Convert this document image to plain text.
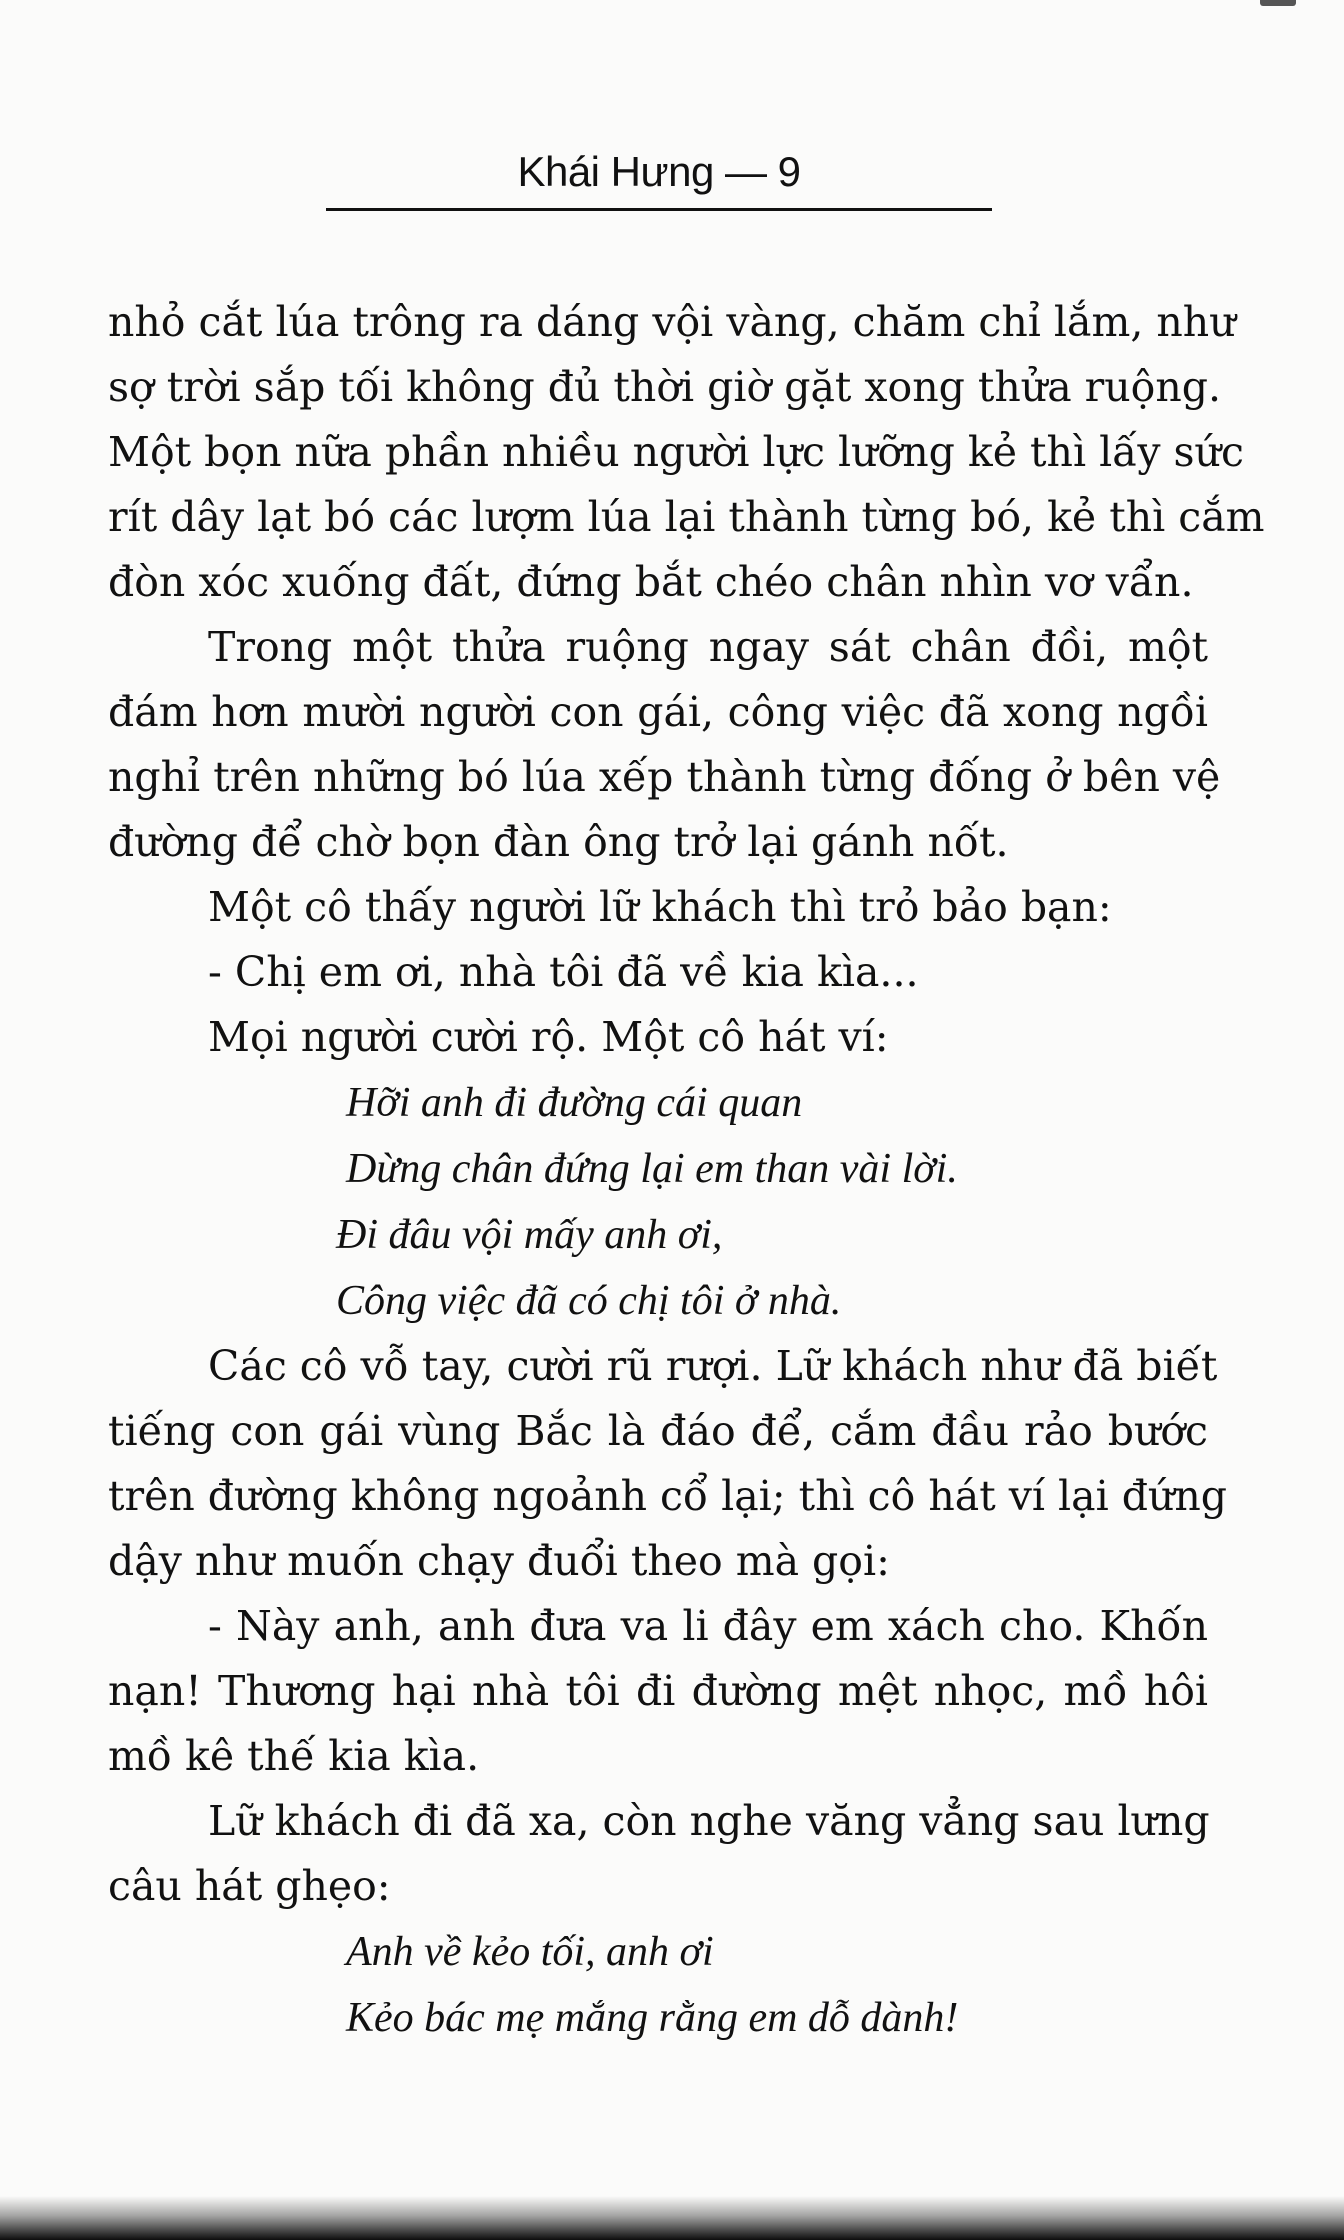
Khái Hưng — 9

nhỏ cắt lúa trông ra dáng vội vàng, chăm chỉ lắm, như

sợ trời sắp tối không đủ thời giờ gặt xong thửa ruộng.

Một bọn nữa phần nhiều người lực lưỡng kẻ thì lấy sức

rít dây lạt bó các lượm lúa lại thành từng bó, kẻ thì cắm

đòn xóc xuống đất, đứng bắt chéo chân nhìn vơ vẩn.

Trong một thửa ruộng ngay sát chân đồi, một

đám hơn mười người con gái, công việc đã xong ngồi

nghỉ trên những bó lúa xếp thành từng đống ở bên vệ

đường để chờ bọn đàn ông trở lại gánh nốt.

Một cô thấy người lữ khách thì trỏ bảo bạn:

- Chị em ơi, nhà tôi đã về kia kìa...

Mọi người cười rộ. Một cô hát ví:

Hỡi anh đi đường cái quan

Dừng chân đứng lại em than vài lời.

Đi đâu vội mấy anh ơi,

Công việc đã có chị tôi ở nhà.

Các cô vỗ tay, cười rũ rượi. Lữ khách như đã biết

tiếng con gái vùng Bắc là đáo để, cắm đầu rảo bước

trên đường không ngoảnh cổ lại; thì cô hát ví lại đứng

dậy như muốn chạy đuổi theo mà gọi:

- Này anh, anh đưa va li đây em xách cho. Khốn

nạn! Thương hại nhà tôi đi đường mệt nhọc, mồ hôi

mồ kê thế kia kìa.

Lữ khách đi đã xa, còn nghe văng vẳng sau lưng

câu hát ghẹo:

Anh về kẻo tối, anh ơi

Kẻo bác mẹ mắng rằng em dỗ dành!
